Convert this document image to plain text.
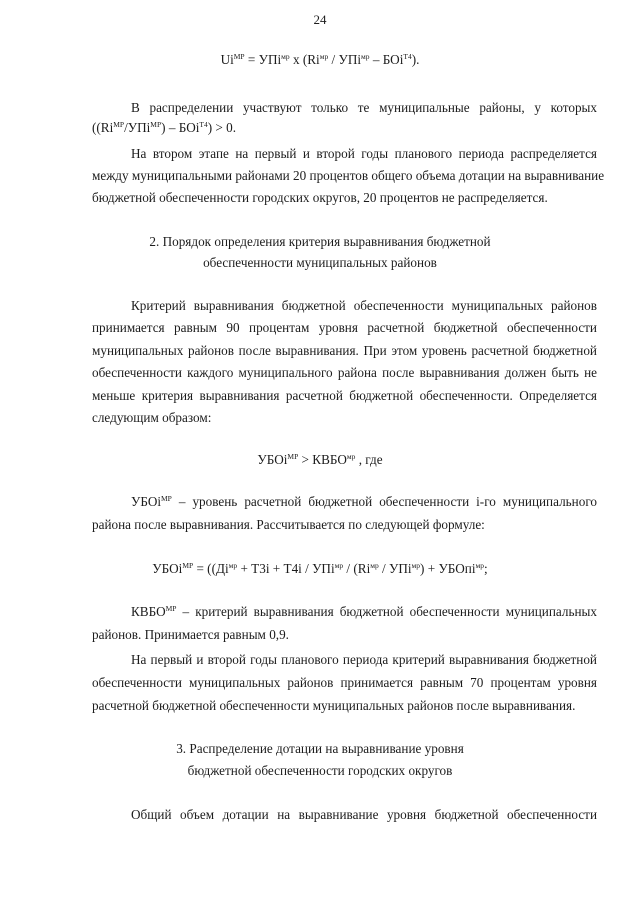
24
$Ui^{МР} = УПi^{мр}$ x $(Ri^{мр} / УПi^{мр} - БОi^{T4})$.
В распределении участвуют только те муниципальные районы, у которых
$((Ri^{МР}/УПi^{МР}) - БОi^{T4}) > 0$.
На втором этапе на первый и второй годы планового периода распределяется
между муниципальными районами 20 процентов общего объема дотации на выравнивание
бюджетной обеспеченности городских округов, 20 процентов не распределяется.
2. Порядок определения критерия выравнивания бюджетной
обеспеченности муниципальных районов
Критерий выравнивания бюджетной обеспеченности муниципальных районов
принимается равным 90 процентам уровня расчетной бюджетной обеспеченности
муниципальных районов после выравнивания. При этом уровень расчетной бюджетной
обеспеченности каждого муниципального района после выравнивания должен быть не
меньше критерия выравнивания расчетной бюджетной обеспеченности. Определяется
следующим образом:
УБОi$^{МР}$ > $КВБО^{мр}$ , где
УБОi$^{МР}$ – уровень расчетной бюджетной обеспеченности i-го муниципального
района после выравнивания. Рассчитывается по следующей формуле:
УБОi$^{МР}$ = (($Дi^{мр} + Т3i + Т4i / УПi^{мр} / (Ri^{мр} / УПi^{мр})$ + УБОпi$^{мр}$;
$КВБО^{МР}$ – критерий выравнивания бюджетной обеспеченности муниципальных
районов. Принимается равным 0,9.
На первый и второй годы планового периода критерий выравнивания бюджетной
обеспеченности муниципальных районов принимается равным 70 процентам уровня
расчетной бюджетной обеспеченности муниципальных районов после выравнивания.
3. Распределение дотации на выравнивание уровня
бюджетной обеспеченности городских округов
Общий объем дотации на выравнивание уровня бюджетной обеспеченности
